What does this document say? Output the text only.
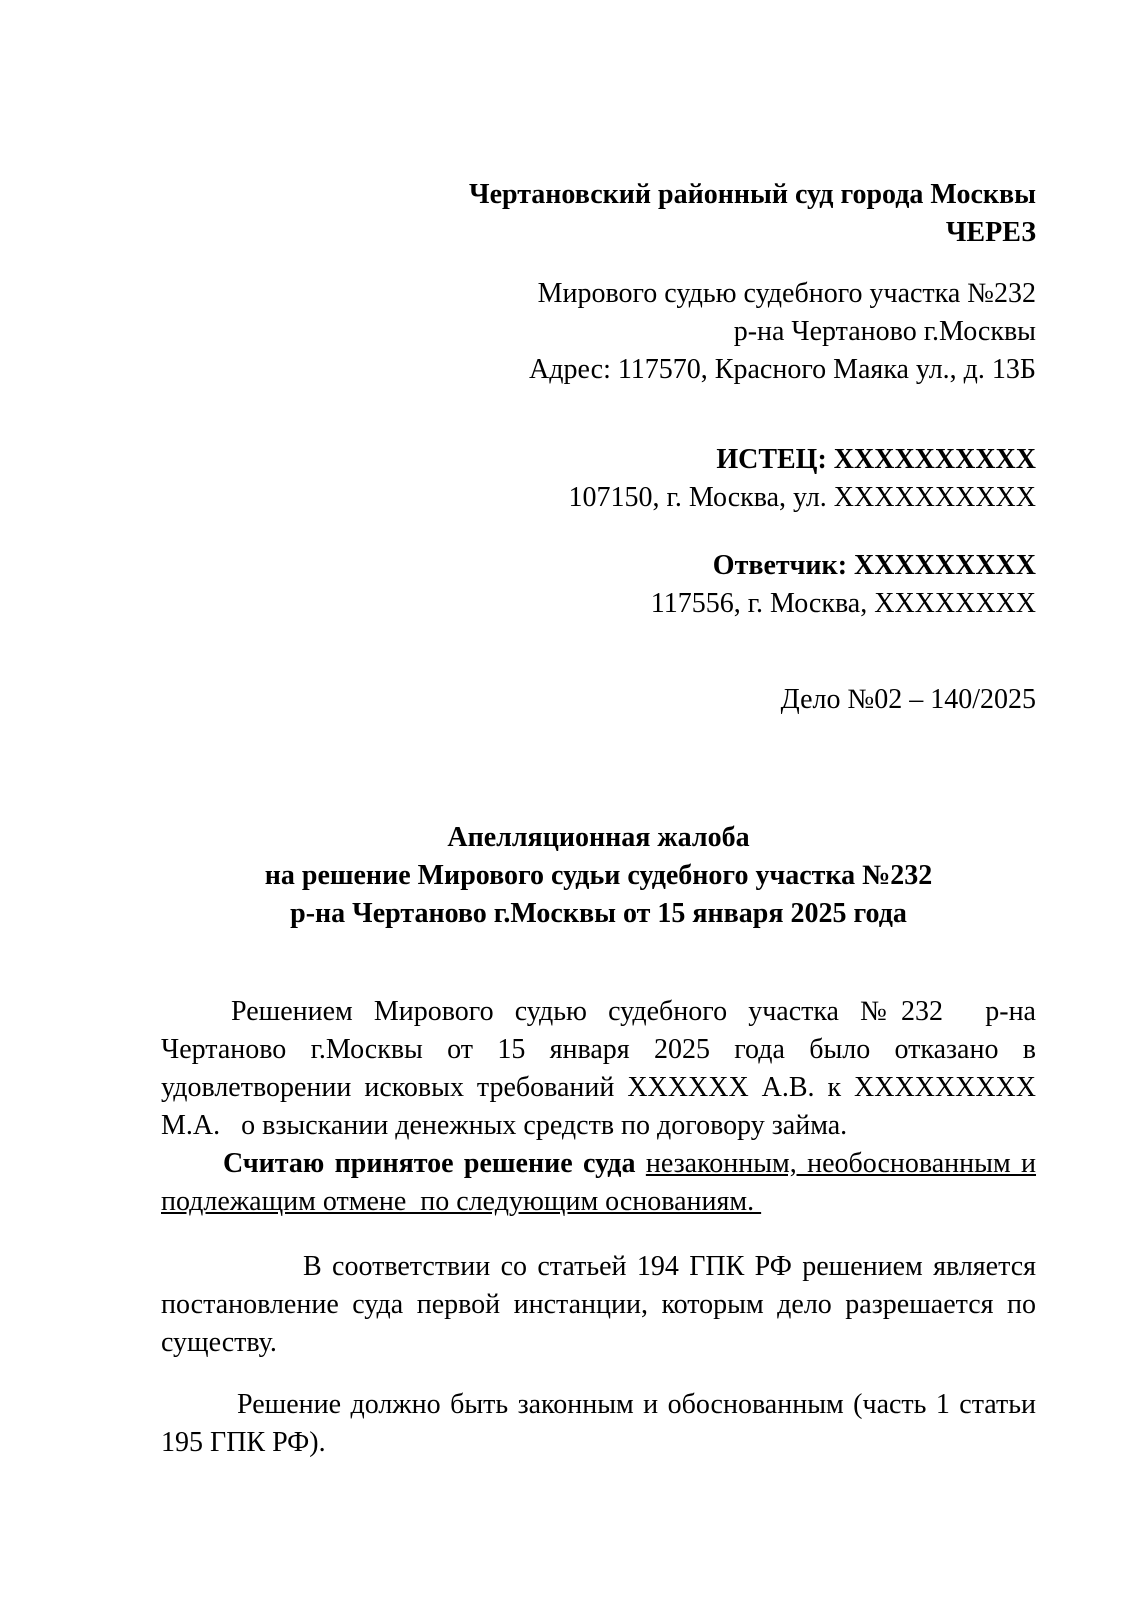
Чертановский районный суд города Москвы
ЧЕРЕЗ
Мирового судью судебного участка №232
р-на Чертаново г.Москвы
Адрес: 117570, Красного Маяка ул., д. 13Б
ИСТЕЦ: ХХХХХХХХХХ
107150, г. Москва, ул. ХХХХХХХХХХ
Ответчик: ХХХХХХХХХ
117556, г. Москва, ХХХХХХХХ
Дело №02 – 140/2025
Апелляционная жалоба
на решение Мирового судьи судебного участка №232
р-на Чертаново г.Москвы от 15 января 2025 года
Решением Мирового судью судебного участка №232  р-на Чертаново г.Москвы от 15 января 2025 года было отказано в удовлетворении исковых требований ХХХХХХ А.В. к ХХХХХХХХХ М.А.   о взыскании денежных средств по договору займа.
Считаю принятое решение суда незаконным, необоснованным и подлежащим отмене  по следующим основаниям.
В соответствии со статьей 194 ГПК РФ решением является постановление суда первой инстанции, которым дело разрешается по существу.
Решение должно быть законным и обоснованным (часть 1 статьи 195 ГПК РФ).
